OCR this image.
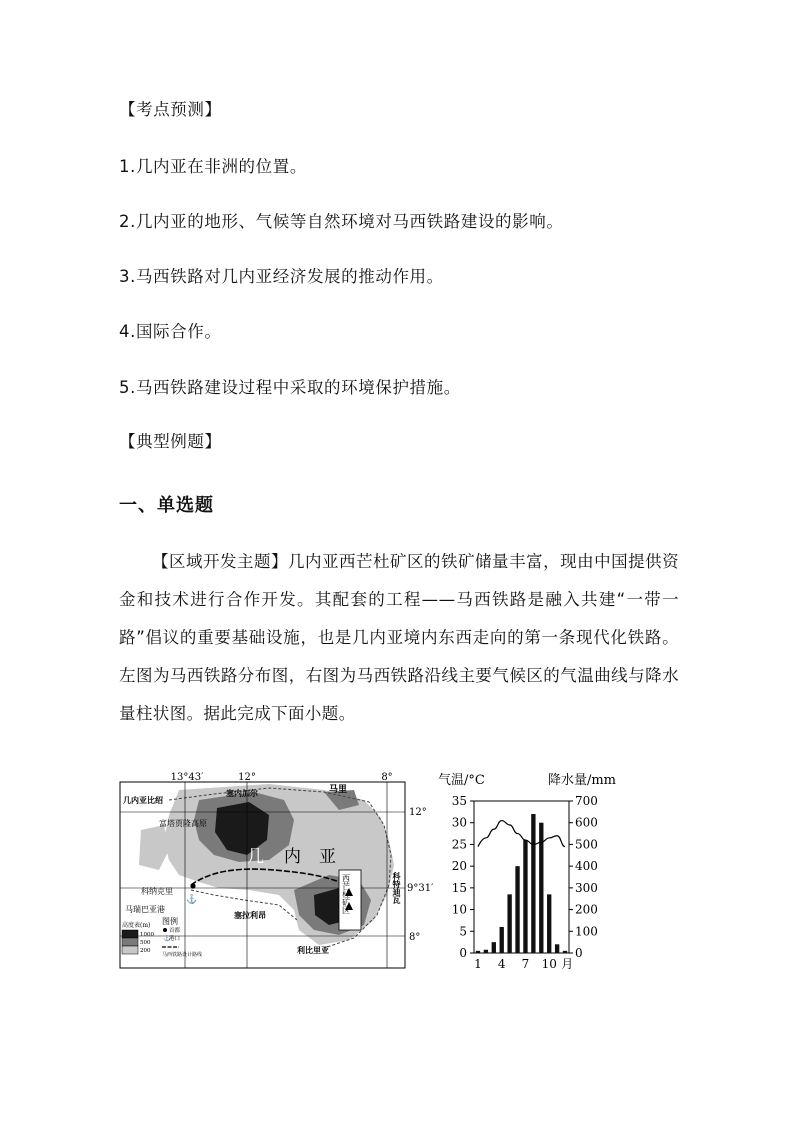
【考点预测】
1.几内亚在非洲的位置。
2.几内亚的地形、气候等自然环境对马西铁路建设的影响。
3.马西铁路对几内亚经济发展的推动作用。
4.国际合作。
5.马西铁路建设过程中采取的环境保护措施。
【典型例题】
一、单选题
【区域开发主题】几内亚西芒杜矿区的铁矿储量丰富，现由中国提供资金和技术进行合作开发。其配套的工程——马西铁路是融入共建“一带一路”倡议的重要基础设施，也是几内亚境内东西走向的第一条现代化铁路。左图为马西铁路分布图，右图为马西铁路沿线主要气候区的气温曲线与降水量柱状图。据此完成下面小题。
⚓
13°43′	12°	8°
12°
9°31′
8°
几内亚比绍
塞内加尔	马里
几 内 亚
科特迪瓦
塞拉利昂
利比里亚
富塔贾隆高原
科纳克里
马瑞巴亚港	西芒杜矿区
高度表(m)
1000
500
200
图例
首都
⚓
港口
马西铁路设计路线
气温/°C	降水量/mm
0
5
10
15
20
25
30
35
0
100
200
300
400
500
600
700
1 4 7 10 月
